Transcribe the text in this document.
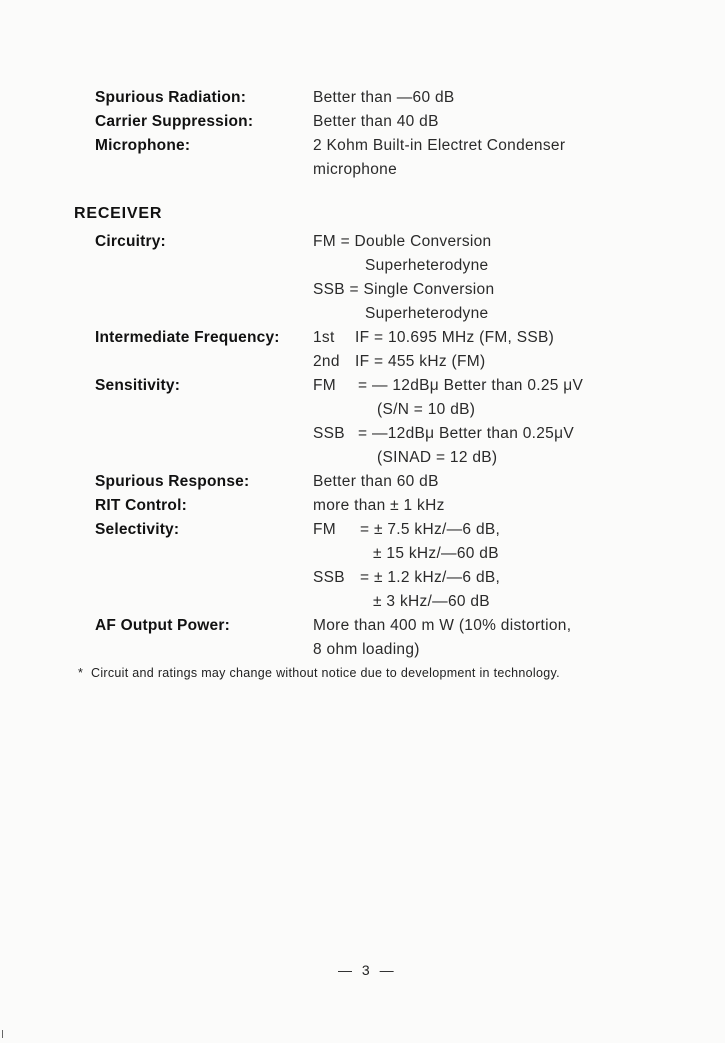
Spurious Radiation:	Better than —60 dB
Carrier Suppression:	Better than 40 dB
Microphone:	2 Kohm Built-in Electret Condenser
microphone
RECEIVER
Circuitry:	FM = Double Conversion
Superheterodyne
SSB = Single Conversion
Superheterodyne
Intermediate Frequency: 1st IF = 10.695 MHz (FM, SSB)
2nd IF = 455 kHz (FM)
Sensitivity:	FM = — 12dBμ Better than 0.25 μV
(S/N = 10 dB)
SSB = —12dBμ Better than 0.25μV
(SINAD = 12 dB)
Spurious Response:	Better than 60 dB
RIT Control:	more than ± 1 kHz
Selectivity:	FM = ± 7.5 kHz/—6 dB,
± 15 kHz/—60 dB
SSB = ± 1.2 kHz/—6 dB,
± 3 kHz/—60 dB
AF Output Power:	More than 400 m W (10% distortion,
8 ohm loading)
* Circuit and ratings may change without notice due to development in technology.
— 3 —
